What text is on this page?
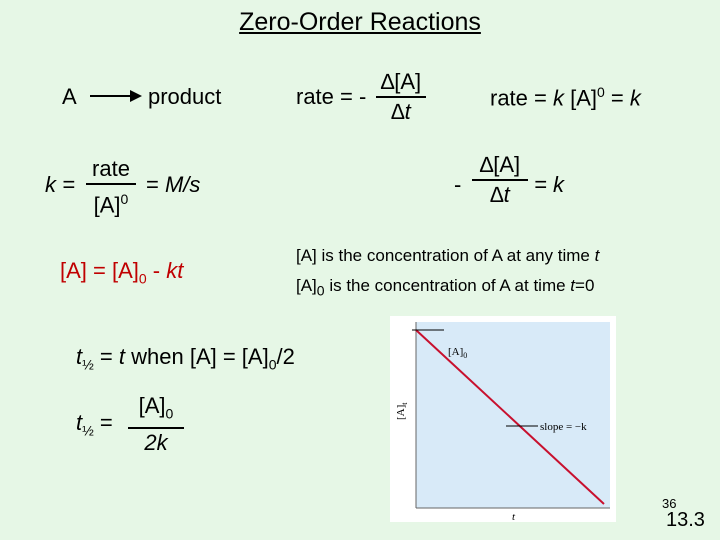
Zero-Order Reactions
A → product	rate = -
∆[A]
∆t
rate = k $[A]^0 = k$
k =
rate
$[A]^0$
= M/s	-
∆[A]
∆t	= k
$[A] = [A]_0$ - kt
[A] is the concentration of A at any time t
$[A]_0$ is the concentration of A at time t=0
$t_{\frac{1}{2}} = t$ when $[A] = [A]_0/2$
$t_{\frac{1}{2}}$ =
$[A]_0$
2k
$[A]_0$
slope = −k
$[A]_t$
t
36
13.3
